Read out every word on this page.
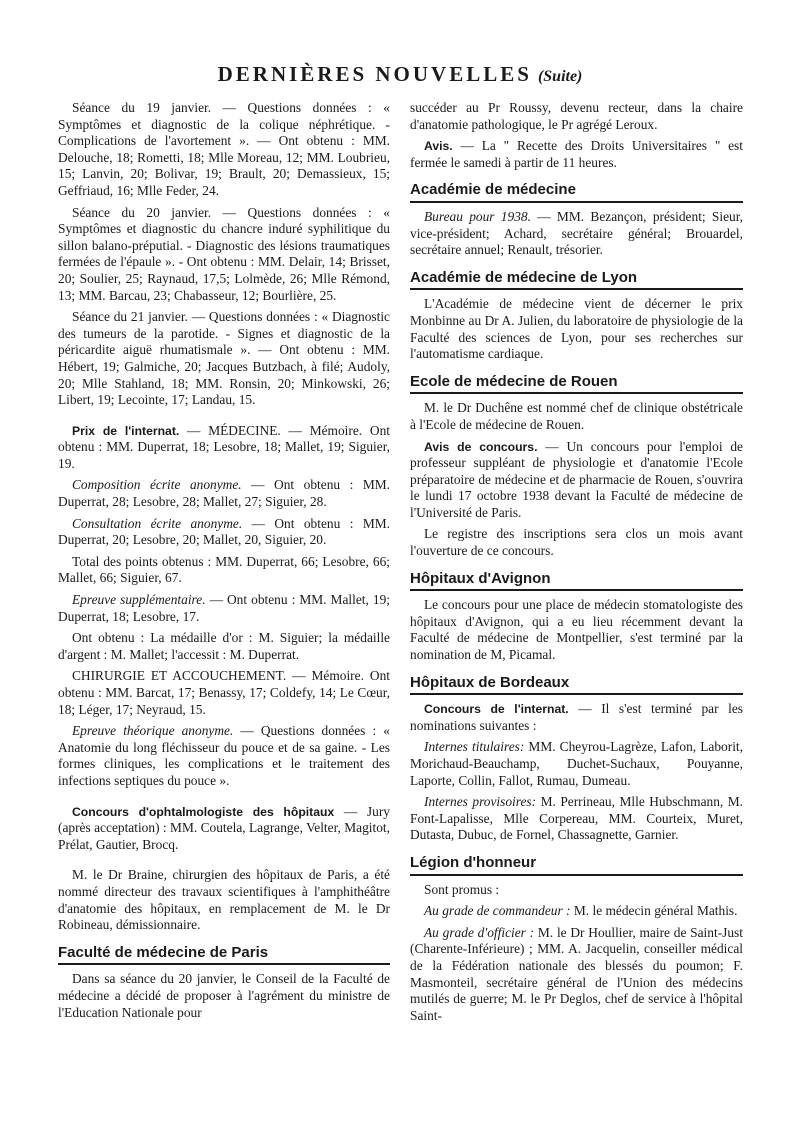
DERNIÈRES NOUVELLES (Suite)

Séance du 19 janvier. — Questions données : « Symptômes et diagnostic de la colique néphrétique. - Complications de l'avortement ». — Ont obtenu : MM. Delouche, 18; Rometti, 18; Mlle Moreau, 12; MM. Loubrieu, 15; Lanvin, 20; Bolivar, 19; Brault, 20; Demassieux, 15; Geffriaud, 16; Mlle Feder, 24.

Séance du 20 janvier. — Questions données : « Symptômes et diagnostic du chancre induré syphilitique du sillon balano-préputial. - Diagnostic des lésions traumatiques fermées de l'épaule ». - Ont obtenu : MM. Delair, 14; Brisset, 20; Soulier, 25; Raynaud, 17,5; Lolmède, 26; Mlle Rémond, 13; MM. Barcau, 23; Chabasseur, 12; Bourlière, 25.

Séance du 21 janvier. — Questions données : « Diagnostic des tumeurs de la parotide. - Signes et diagnostic de la péricardite aiguë rhumatismale ». — Ont obtenu : MM. Hébert, 19; Galmiche, 20; Jacques Butzbach, à filé; Audoly, 20; Mlle Stahland, 18; MM. Ronsin, 20; Minkowski, 26; Libert, 19; Lecointe, 17; Landau, 15.

Prix de l'internat. — MÉDECINE. — Mémoire. Ont obtenu : MM. Duperrat, 18; Lesobre, 18; Mallet, 19; Siguier, 19.

Composition écrite anonyme. — Ont obtenu : MM. Duperrat, 28; Lesobre, 28; Mallet, 27; Siguier, 28.

Consultation écrite anonyme. — Ont obtenu : MM. Duperrat, 20; Lesobre, 20; Mallet, 20, Siguier, 20.

Total des points obtenus : MM. Duperrat, 66; Lesobre, 66; Mallet, 66; Siguier, 67.

Epreuve supplémentaire. — Ont obtenu : MM. Mallet, 19; Duperrat, 18; Lesobre, 17.

Ont obtenu : La médaille d'or : M. Siguier; la médaille d'argent : M. Mallet; l'accessit : M. Duperrat.

CHIRURGIE ET ACCOUCHEMENT. — Mémoire. Ont obtenu : MM. Barcat, 17; Benassy, 17; Coldefy, 14; Le Cœur, 18; Léger, 17; Neyraud, 15.

Epreuve théorique anonyme. — Questions données : « Anatomie du long fléchisseur du pouce et de sa gaine. - Les formes cliniques, les complications et le traitement des infections septiques du pouce ».

Concours d'ophtalmologiste des hôpitaux — Jury (après acceptation) : MM. Coutela, Lagrange, Velter, Magitot, Prélat, Gautier, Brocq.

M. le Dr Braine, chirurgien des hôpitaux de Paris, a été nommé directeur des travaux scientifiques à l'amphithéâtre d'anatomie des hôpitaux, en remplacement de M. le Dr Robineau, démissionnaire.

Faculté de médecine de Paris

Dans sa séance du 20 janvier, le Conseil de la Faculté de médecine a décidé de proposer à l'agrément du ministre de l'Education Nationale pour

succéder au Pr Roussy, devenu recteur, dans la chaire d'anatomie pathologique, le Pr agrégé Leroux.

Avis. — La " Recette des Droits Universitaires " est fermée le samedi à partir de 11 heures.

Académie de médecine

Bureau pour 1938. — MM. Bezançon, président; Sieur, vice-président; Achard, secrétaire général; Brouardel, secrétaire annuel; Renault, trésorier.

Académie de médecine de Lyon

L'Académie de médecine vient de décerner le prix Monbinne au Dr A. Julien, du laboratoire de physiologie de la Faculté des sciences de Lyon, pour ses recherches sur l'automatisme cardiaque.

Ecole de médecine de Rouen

M. le Dr Duchêne est nommé chef de clinique obstétricale à l'Ecole de médecine de Rouen.

Avis de concours. — Un concours pour l'emploi de professeur suppléant de physiologie et d'anatomie l'Ecole préparatoire de médecine et de pharmacie de Rouen, s'ouvrira le lundi 17 octobre 1938 devant la Faculté de médecine de l'Université de Paris.

Le registre des inscriptions sera clos un mois avant l'ouverture de ce concours.

Hôpitaux d'Avignon

Le concours pour une place de médecin stomatologiste des hôpitaux d'Avignon, qui a eu lieu récemment devant la Faculté de médecine de Montpellier, s'est terminé par la nomination de M, Picamal.

Hôpitaux de Bordeaux

Concours de l'internat. — Il s'est terminé par les nominations suivantes :

Internes titulaires: MM. Cheyrou-Lagrèze, Lafon, Laborit, Morichaud-Beauchamp, Duchet-Suchaux, Pouyanne, Laporte, Collin, Fallot, Rumau, Dumeau.

Internes provisoires: M. Perrineau, Mlle Hubschmann, M. Font-Lapalisse, Mlle Corpereau, MM. Courteix, Muret, Dutasta, Dubuc, de Fornel, Chassagnette, Garnier.

Légion d'honneur

Sont promus :

Au grade de commandeur : M. le médecin général Mathis.

Au grade d'officier : M. le Dr Houllier, maire de Saint-Just (Charente-Inférieure) ; MM. A. Jacquelin, conseiller médical de la Fédération nationale des blessés du poumon; F. Masmonteil, secrétaire général de l'Union des médecins mutilés de guerre; M. le Pr Deglos, chef de service à l'hôpital Saint-
